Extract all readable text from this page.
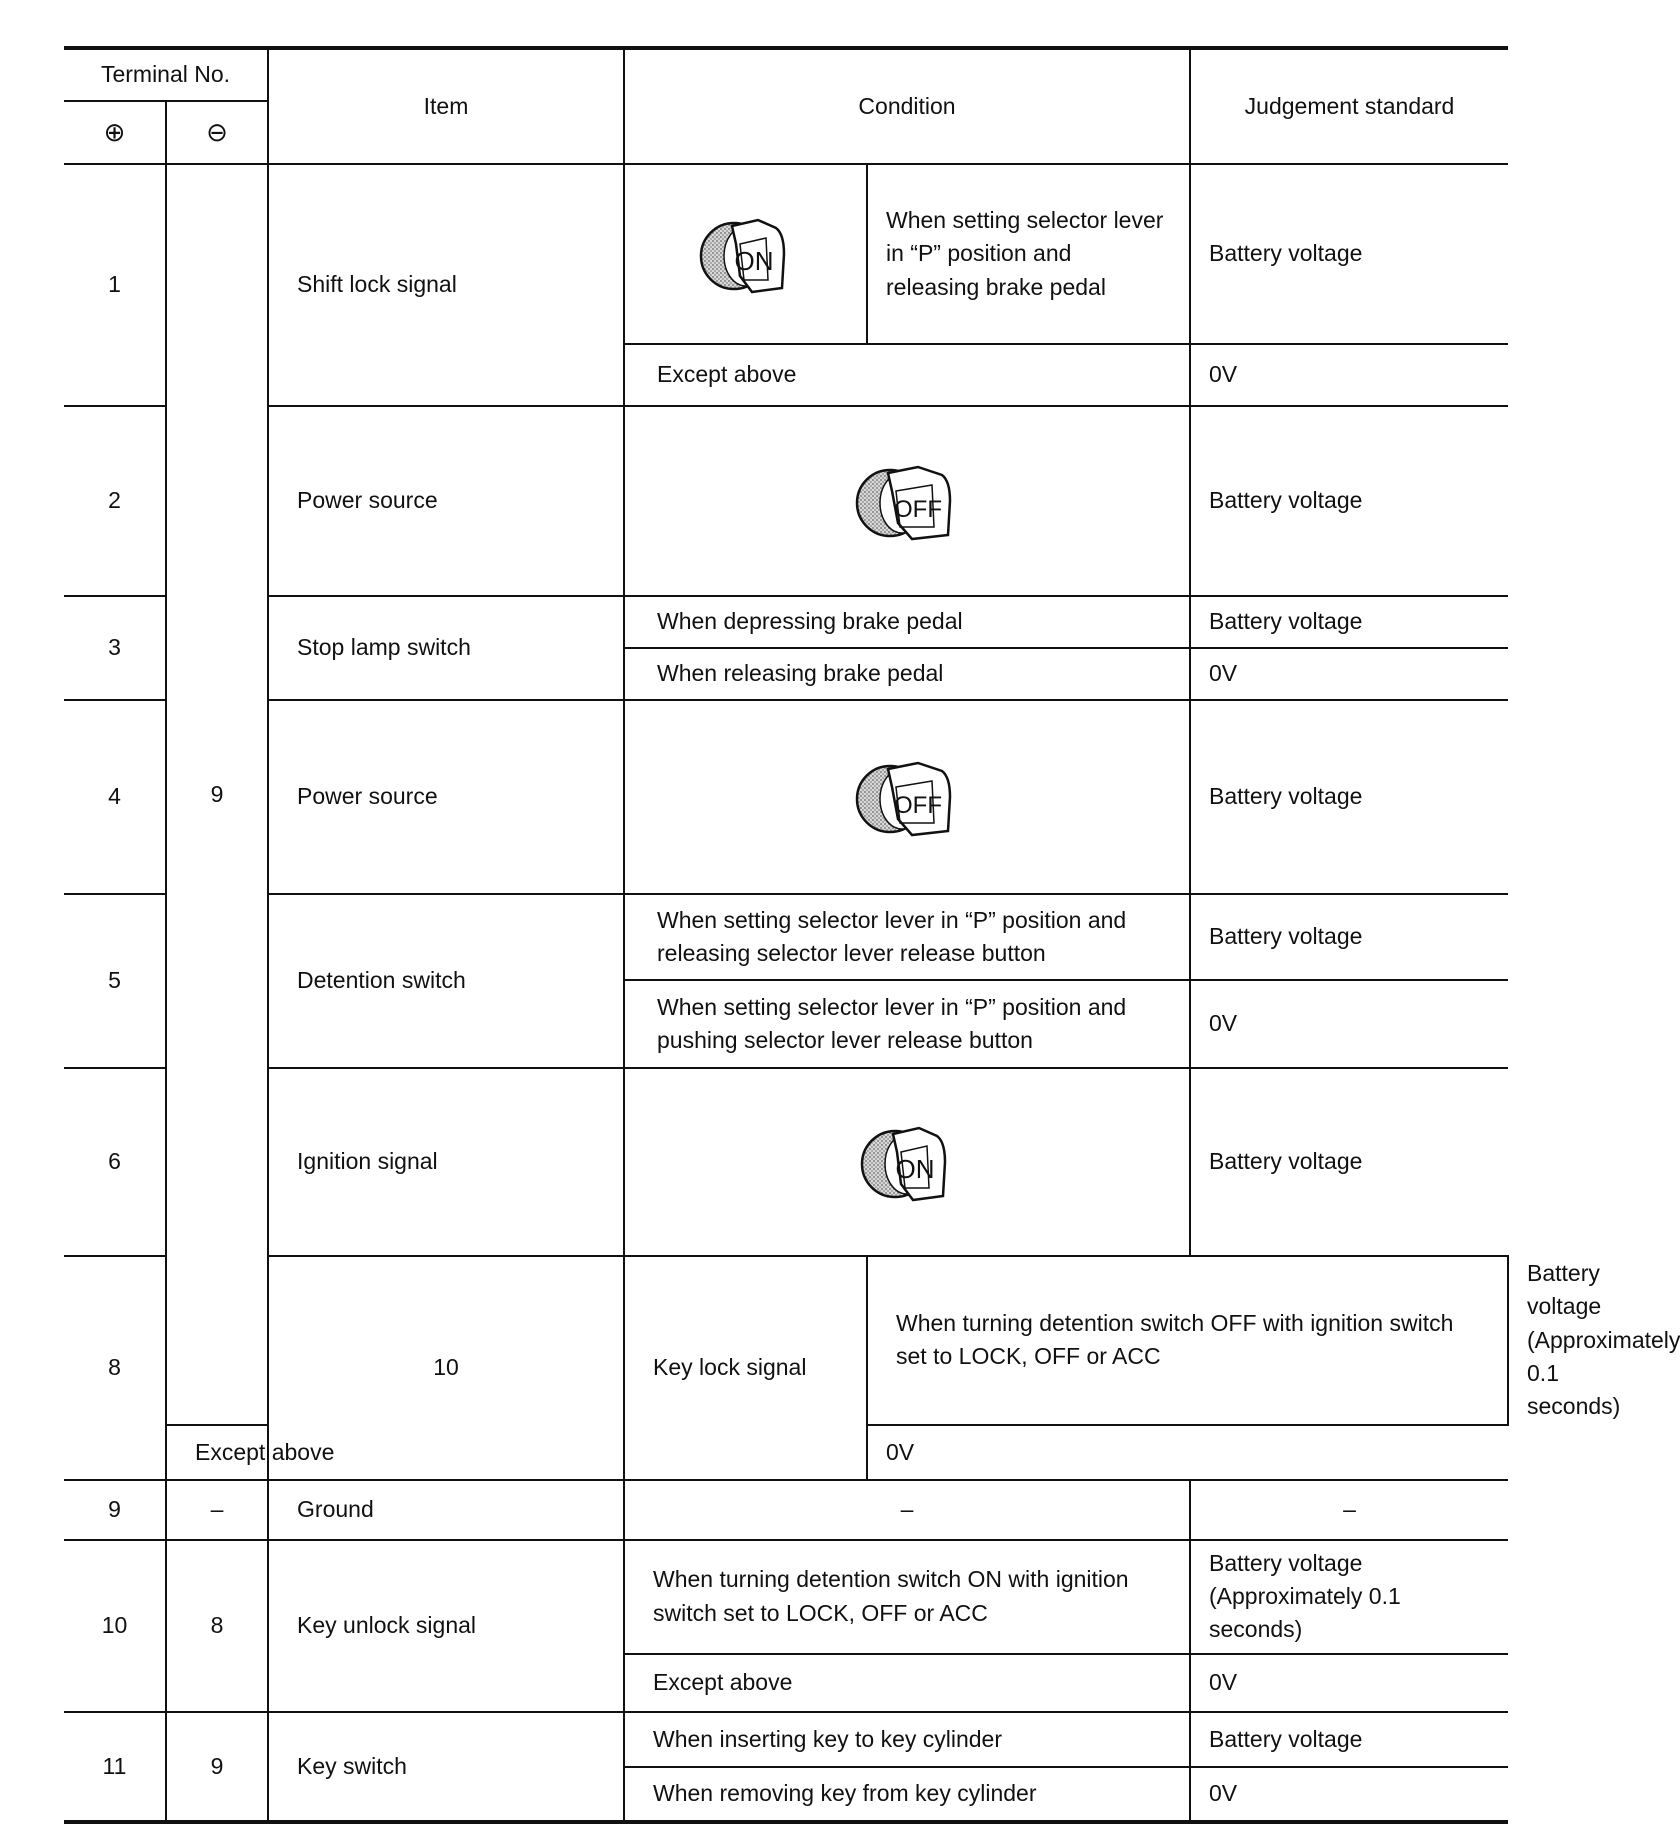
Terminal No.		Item	Condition		Judgement standard	
⊕	⊖					
1	9	Shift lock signal	ON	When setting selector lever in “P” position and releasing brake pedal	Battery voltage	
			Except above		0V	
2		Power source	OFF		Battery voltage	
3		Stop lamp switch	When depressing brake pedal		Battery voltage	
			When releasing brake pedal		0V	
4		Power source	OFF		Battery voltage	
5		Detention switch	When setting selector lever in “P” position and releasing selector lever release button		Battery voltage	
			When setting selector lever in “P” position and pushing selector lever release button		0V	
6		Ignition signal	ON		Battery voltage	
8		10	Key lock signal	When turning detention switch OFF with ignition switch set to LOCK, OFF or ACC		Battery voltage (Approximately 0.1 seconds)
	Except above			0V		
9	–	Ground	–		–	
10	8	Key unlock signal	When turning detention switch ON with ignition switch set to LOCK, OFF or ACC		Battery voltage (Approximately 0.1 seconds)	
			Except above		0V	
11	9	Key switch	When inserting key to key cylinder		Battery voltage	
			When removing key from key cylinder		0V	
